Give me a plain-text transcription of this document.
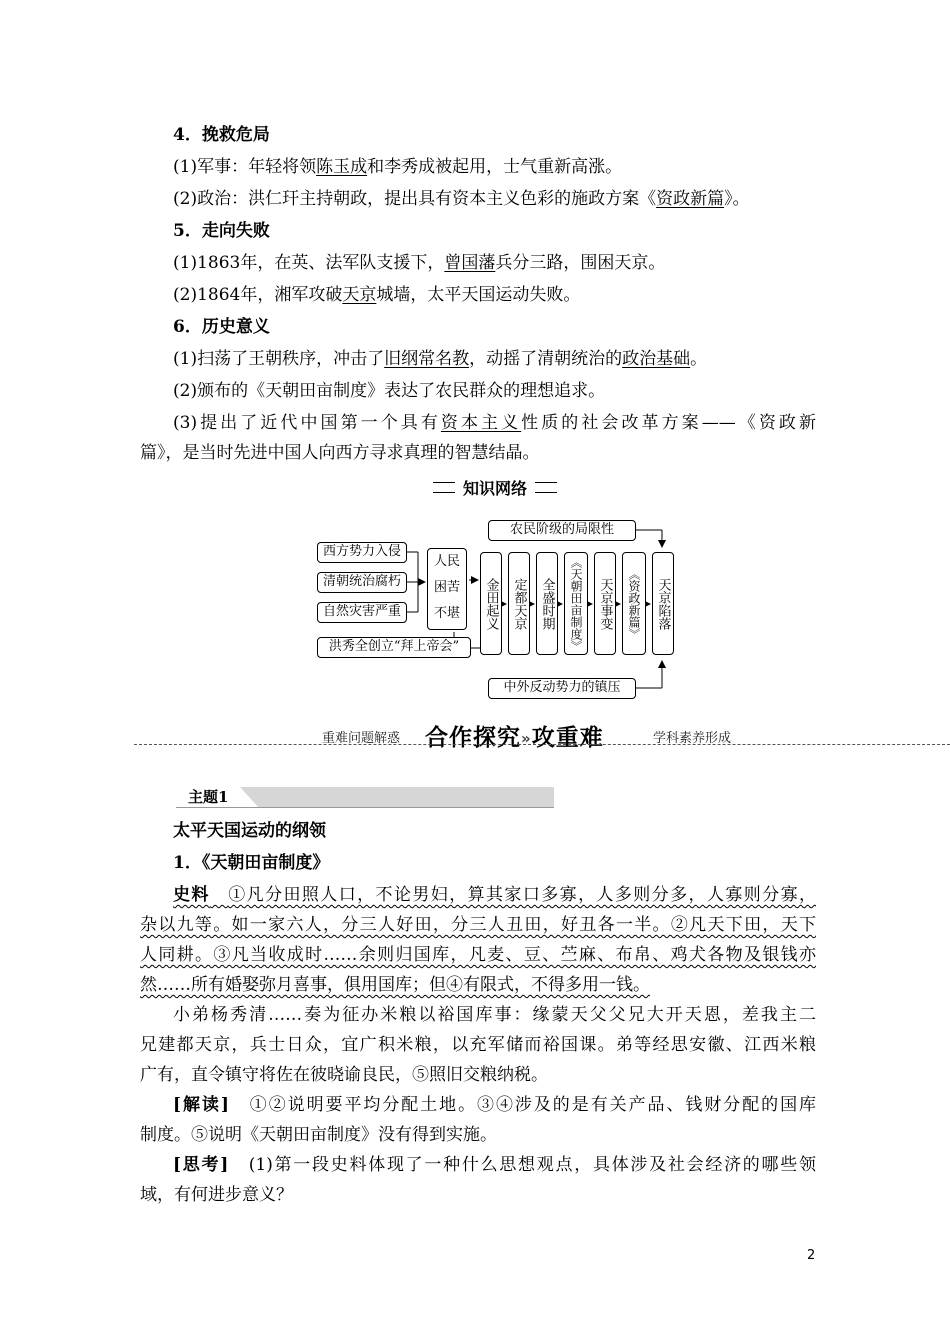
4．挽救危局
(1)军事：年轻将领陈玉成和李秀成被起用，士气重新高涨。
(2)政治：洪仁玕主持朝政，提出具有资本主义色彩的施政方案《资政新篇》。
5．走向失败
(1)1863年，在英、法军队支援下，曾国藩兵分三路，围困天京。
(2)1864年，湘军攻破天京城墙，太平天国运动失败。
6．历史意义
(1)扫荡了王朝秩序，冲击了旧纲常名教，动摇了清朝统治的政治基础。
(2)颁布的《天朝田亩制度》表达了农民群众的理想追求。
(3)提出了近代中国第一个具有资本主义性质的社会改革方案——《资政新
篇》，是当时先进中国人向西方寻求真理的智慧结晶。
知识网络
西方势力入侵
清朝统治腐朽
自然灾害严重
洪秀全创立“拜上帝会”
人民困苦不堪	金田起义 定都天京 全盛时期	《天朝田亩制度》	天京事变	《资政新篇》	天京陷落
农民阶级的局限性
中外反动势力的镇压
重难问题解惑 合作探究»攻重难	学科素养形成
主题1
太平天国运动的纲领
1．《天朝田亩制度》
史料　 ①凡分田照人口，不论男妇，算其家口多寡，人多则分多，人寡则分寡，
杂以九等。如一家六人，分三人好田，分三人丑田，好丑各一半。②凡天下田，天下
人同耕。③凡当收成时……余则归国库，凡麦、豆、苎麻、布帛、鸡犬各物及银钱亦
然……所有婚娶弥月喜事，俱用国库；但④有限式，不得多用一钱。
小弟杨秀清……奏为征办米粮以裕国库事：缘蒙天父父兄大开天恩，差我主二
兄建都天京，兵士日众，宜广积米粮，以充军储而裕国课。弟等经思安徽、江西米粮
广有，直令镇守将佐在彼晓谕良民，⑤照旧交粮纳税。
[解读]　 ①②说明要平均分配土地。③④涉及的是有关产品、钱财分配的国库
制度。⑤说明《天朝田亩制度》没有得到实施。
[思考]　 (1)第一段史料体现了一种什么思想观点，具体涉及社会经济的哪些领
域，有何进步意义？
2
